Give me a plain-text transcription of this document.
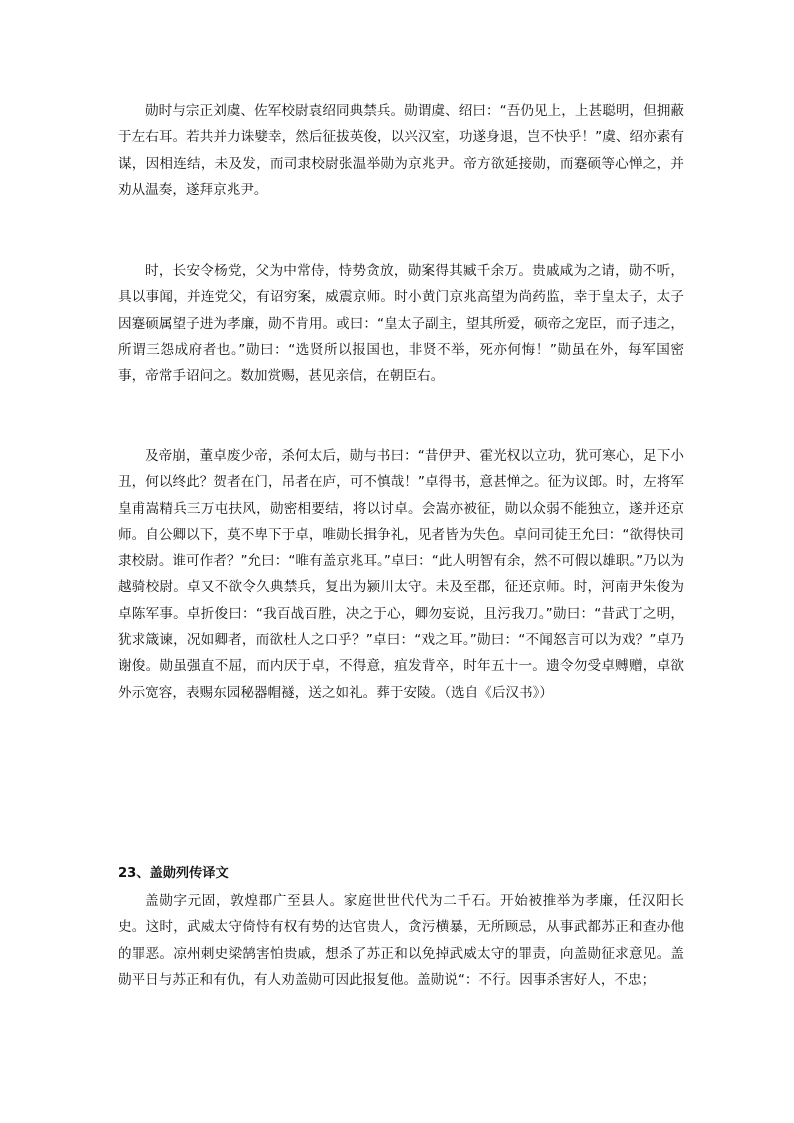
勋时与宗正刘虞、佐军校尉袁绍同典禁兵。勋谓虞、绍曰：“吾仍见上，上甚聪明，但拥蔽于左右耳。若共并力诛嬖幸，然后征拔英俊，以兴汉室，功遂身退，岂不快乎！”虞、绍亦素有谋，因相连结，未及发，而司隶校尉张温举勋为京兆尹。帝方欲延接勋，而蹇硕等心惮之，并劝从温奏，遂拜京兆尹。

时，长安令杨党，父为中常侍，恃势贪放，勋案得其臧千余万。贵戚咸为之请，勋不听，具以事闻，并连党父，有诏穷案，威震京师。时小黄门京兆高望为尚药监，幸于皇太子，太子因蹇硕属望子进为孝廉，勋不肯用。或曰：“皇太子副主，望其所爱，硕帝之宠臣，而子违之，所谓三怨成府者也。”勋曰：“选贤所以报国也，非贤不举，死亦何悔！”勋虽在外，每军国密事，帝常手诏问之。数加赏赐，甚见亲信，在朝臣右。

及帝崩，董卓废少帝，杀何太后，勋与书曰：“昔伊尹、霍光权以立功，犹可寒心，足下小丑，何以终此？贺者在门，吊者在庐，可不慎哉！”卓得书，意甚惮之。征为议郎。时，左将军皇甫嵩精兵三万屯扶风，勋密相要结，将以讨卓。会嵩亦被征，勋以众弱不能独立，遂并还京师。自公卿以下，莫不卑下于卓，唯勋长揖争礼，见者皆为失色。卓问司徒王允曰：“欲得快司隶校尉。谁可作者？”允曰：“唯有盖京兆耳。”卓曰：“此人明智有余，然不可假以雄职。”乃以为越骑校尉。卓又不欲令久典禁兵，复出为颍川太守。未及至郡，征还京师。时，河南尹朱俊为卓陈军事。卓折俊曰：“我百战百胜，决之于心，卿勿妄说，且污我刀。”勋曰：“昔武丁之明，犹求箴谏，况如卿者，而欲杜人之口乎？”卓曰：“戏之耳。”勋曰：“不闻怒言可以为戏？”卓乃谢俊。勋虽强直不屈，而内厌于卓，不得意，疽发背卒，时年五十一。遗令勿受卓赙赠，卓欲外示宽容，表赐东园秘器帽襚，送之如礼。葬于安陵。（选自《后汉书》）

23、盖勋列传译文

盖勋字元固，敦煌郡广至县人。家庭世世代代为二千石。开始被推举为孝廉，任汉阳长史。这时，武威太守倚恃有权有势的达官贵人，贪污横暴，无所顾忌，从事武都苏正和查办他的罪恶。凉州刺史梁鹄害怕贵戚，想杀了苏正和以免掉武威太守的罪责，向盖勋征求意见。盖勋平日与苏正和有仇，有人劝盖勋可因此报复他。盖勋说“：不行。因事杀害好人，不忠；
